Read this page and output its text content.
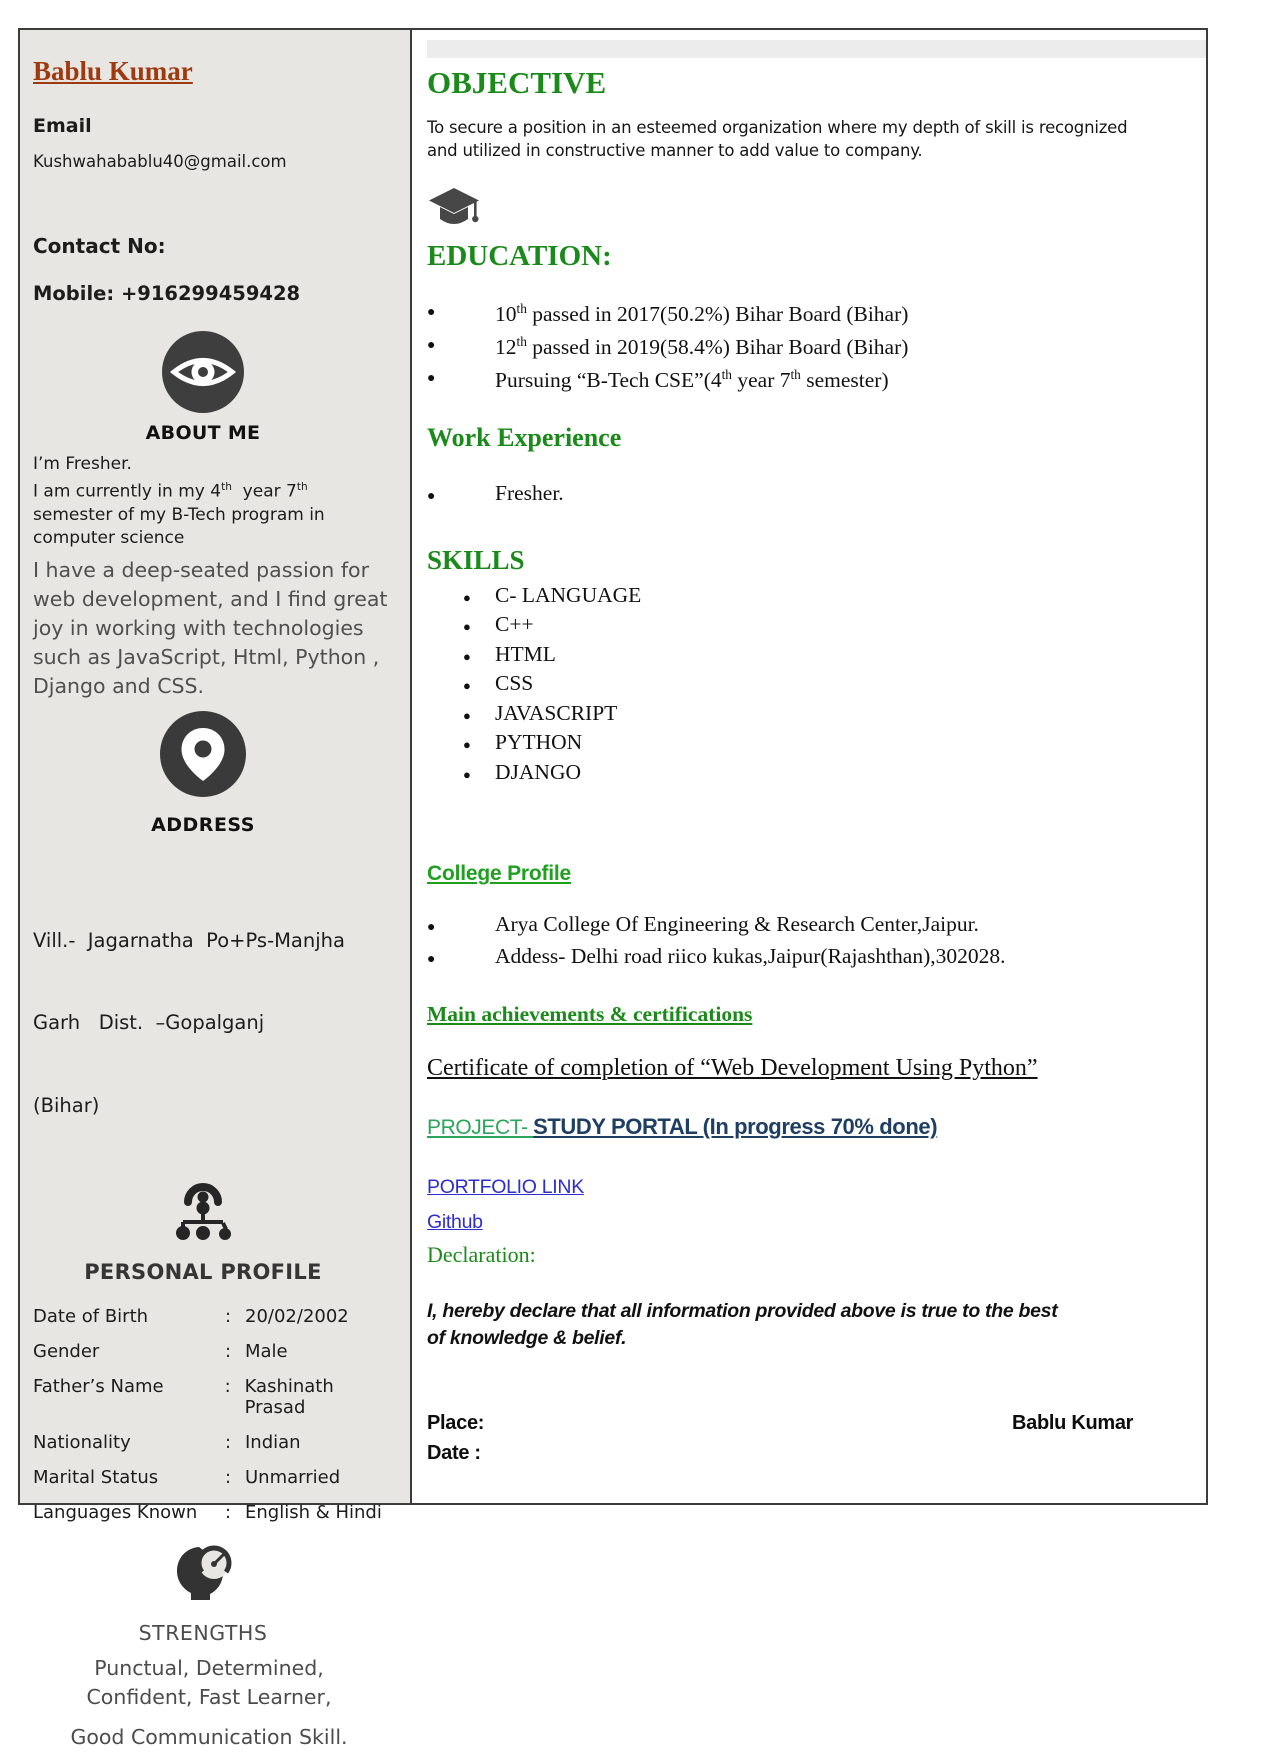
Bablu Kumar
Email
Kushwahabablu40@gmail.com
Contact No:
Mobile: +916299459428
ABOUT ME
I’m Fresher.
I am currently in my 4th  year 7th
semester of my B-Tech program in
computer science
I have a deep-seated passion for web development, and I find great joy in working with technologies such as JavaScript, Html, Python , Django and CSS.
ADDRESS

Vill.-  Jagarnatha  Po+Ps-Manjha

Garh   Dist.  –Gopalganj

(Bihar)

PERSONAL PROFILE
Date of Birth	: 20/02/2002
Gender	: Male
Father’s Name	: Kashinath Prasad
Nationality	: Indian
Marital Status	: Unmarried
Languages Known	: English & Hindi
STRENGTHS
Punctual, Determined,
Confident, Fast Learner,
Good Communication Skill.
OBJECTIVE
To secure a position in an esteemed organization where my depth of skill is recognized
and utilized in constructive manner to add value to company.
EDUCATION:
●
10th passed in 2017(50.2%) Bihar Board (Bihar)
●
12th passed in 2019(58.4%) Bihar Board (Bihar)
●
Pursuing “B-Tech CSE”(4th year 7th semester)
Work Experience
●
Fresher.
SKILLS
●
C- LANGUAGE
●
C++
●
HTML
●
CSS
●
JAVASCRIPT
●
PYTHON
●
DJANGO
College Profile
●
Arya College Of Engineering & Research Center,Jaipur.
●
Addess- Delhi road riico kukas,Jaipur(Rajashthan),302028.
Main achievements & certifications
Certificate of completion of “Web Development Using Python”
PROJECT- STUDY PORTAL (In progress 70% done)
PORTFOLIO LINK
Github
Declaration:
I, hereby declare that all information provided above is true to the best
of knowledge & belief.
Place:	Bablu Kumar
Date :
